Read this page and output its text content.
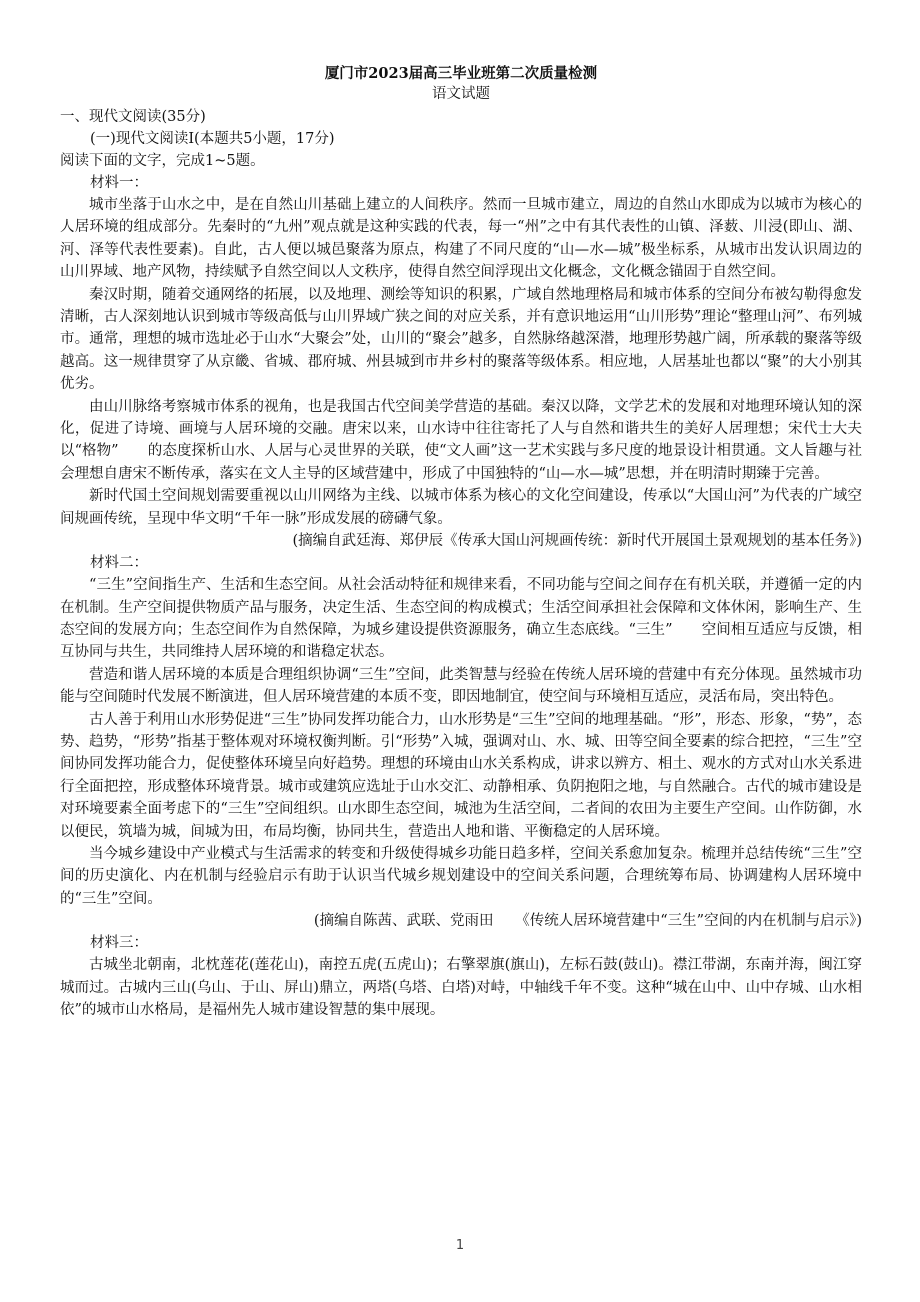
厦门市2023届高三毕业班第二次质量检测

语文试题

一、现代文阅读(35分)

(一)现代文阅读Ⅰ(本题共5小题，17分)

阅读下面的文字，完成1~5题。

材料一：

城市坐落于山水之中，是在自然山川基础上建立的人间秩序。然而一旦城市建立，周边的自然山水即成为以城市为核心的人居环境的组成部分。先秦时的“九州”观点就是这种实践的代表，每一“州”之中有其代表性的山镇、泽薮、川浸(即山、湖、河、泽等代表性要素)。自此，古人便以城邑聚落为原点，构建了不同尺度的“山—水—城”极坐标系，从城市出发认识周边的山川界域、地产风物，持续赋予自然空间以人文秩序，使得自然空间浮现出文化概念，文化概念锚固于自然空间。

秦汉时期，随着交通网络的拓展，以及地理、测绘等知识的积累，广域自然地理格局和城市体系的空间分布被勾勒得愈发清晰，古人深刻地认识到城市等级高低与山川界域广狭之间的对应关系，并有意识地运用“山川形势”理论“整理山河”、布列城市。通常，理想的城市选址必于山水“大聚会”处，山川的“聚会”越多，自然脉络越深潜，地理形势越广阔，所承载的聚落等级越高。这一规律贯穿了从京畿、省城、郡府城、州县城到市井乡村的聚落等级体系。相应地，人居基址也都以“聚”的大小别其优劣。

由山川脉络考察城市体系的视角，也是我国古代空间美学营造的基础。秦汉以降，文学艺术的发展和对地理环境认知的深化，促进了诗境、画境与人居环境的交融。唐宋以来，山水诗中往往寄托了人与自然和谐共生的美好人居理想；宋代士大夫以“格物”　　的态度探析山水、人居与心灵世界的关联，使“文人画”这一艺术实践与多尺度的地景设计相贯通。文人旨趣与社会理想自唐宋不断传承，落实在文人主导的区域营建中，形成了中国独特的“山—水—城”思想，并在明清时期臻于完善。

新时代国土空间规划需要重视以山川网络为主线、以城市体系为核心的文化空间建设，传承以“大国山河”为代表的广域空间规画传统，呈现中华文明“千年一脉”形成发展的磅礴气象。

(摘编自武廷海、郑伊辰《传承大国山河规画传统：新时代开展国土景观规划的基本任务》)

材料二：

“三生”空间指生产、生活和生态空间。从社会活动特征和规律来看，不同功能与空间之间存在有机关联，并遵循一定的内在机制。生产空间提供物质产品与服务，决定生活、生态空间的构成模式；生活空间承担社会保障和文体休闲，影响生产、生态空间的发展方向；生态空间作为自然保障，为城乡建设提供资源服务，确立生态底线。“三生”　　空间相互适应与反馈，相互协同与共生，共同维持人居环境的和谐稳定状态。

营造和谐人居环境的本质是合理组织协调“三生”空间，此类智慧与经验在传统人居环境的营建中有充分体现。虽然城市功能与空间随时代发展不断演进，但人居环境营建的本质不变，即因地制宜，使空间与环境相互适应，灵活布局，突出特色。

古人善于利用山水形势促进“三生”协同发挥功能合力，山水形势是“三生”空间的地理基础。“形”，形态、形象，“势”，态势、趋势，“形势”指基于整体观对环境权衡判断。引“形势”入城，强调对山、水、城、田等空间全要素的综合把控，“三生”空间协同发挥功能合力，促使整体环境呈向好趋势。理想的环境由山水关系构成，讲求以辨方、相土、观水的方式对山水关系进行全面把控，形成整体环境背景。城市或建筑应选址于山水交汇、动静相承、负阴抱阳之地，与自然融合。古代的城市建设是对环境要素全面考虑下的“三生”空间组织。山水即生态空间，城池为生活空间，二者间的农田为主要生产空间。山作防御，水以便民，筑墙为城，间城为田，布局均衡，协同共生，营造出人地和谐、平衡稳定的人居环境。

当今城乡建设中产业模式与生活需求的转变和升级使得城乡功能日趋多样，空间关系愈加复杂。梳理并总结传统“三生”空间的历史演化、内在机制与经验启示有助于认识当代城乡规划建设中的空间关系问题，合理统筹布局、协调建构人居环境中的“三生”空间。

(摘编自陈茜、武联、党雨田　　《传统人居环境营建中“三生”空间的内在机制与启示》)

材料三：

古城坐北朝南，北枕莲花(莲花山)，南控五虎(五虎山)；右擎翠旗(旗山)，左标石鼓(鼓山)。襟江带湖，东南并海，闽江穿城而过。古城内三山(乌山、于山、屏山)鼎立，两塔(乌塔、白塔)对峙，中轴线千年不变。这种“城在山中、山中存城、山水相依”的城市山水格局，是福州先人城市建设智慧的集中展现。

1
